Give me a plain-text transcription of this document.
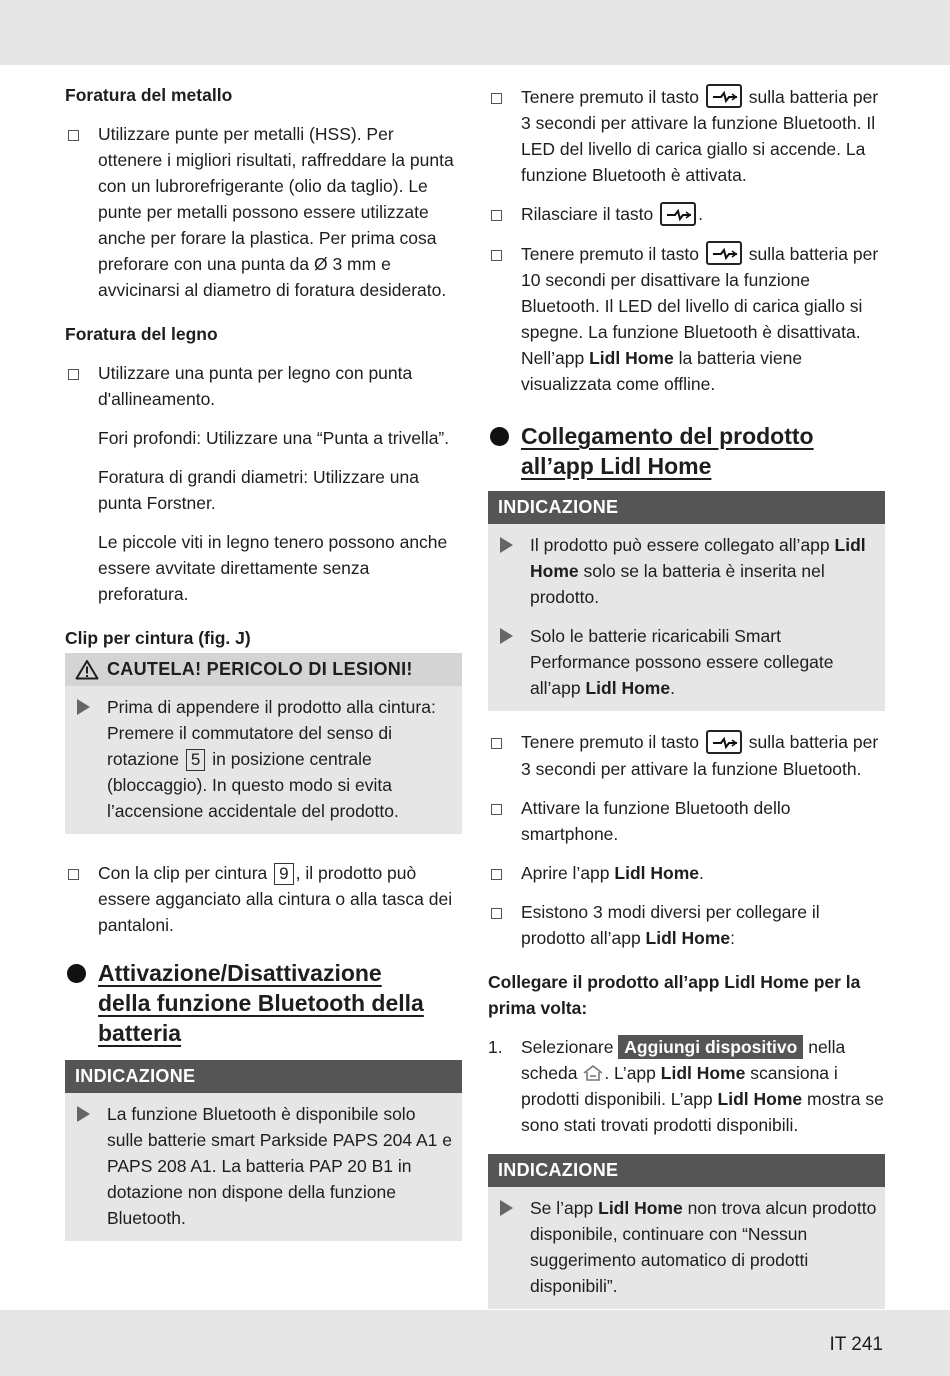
Foratura del metallo
Utilizzare punte per metalli (HSS). Per ottenere i migliori risultati, raffreddare la punta con un lubrorefrigerante (olio da taglio). Le punte per metalli possono essere utilizzate anche per forare la plastica. Per prima cosa preforare con una punta da Ø 3 mm e avvicinarsi al diametro di foratura desiderato.
Foratura del legno
Utilizzare una punta per legno con punta d'allineamento.
Fori profondi: Utilizzare una “Punta a trivella”.
Foratura di grandi diametri: Utilizzare una punta Forstner.
Le piccole viti in legno tenero possono anche essere avvitate direttamente senza preforatura.
Clip per cintura (fig. J)
CAUTELA! PERICOLO DI LESIONI!
Prima di appendere il prodotto alla cintura: Premere il commutatore del senso di rotazione 5 in posizione centrale (bloccaggio). In questo modo si evita l’accensione accidentale del prodotto.
Con la clip per cintura 9 , il prodotto può essere agganciato alla cintura o alla tasca dei pantaloni.
Attivazione/Disattivazione
della funzione Bluetooth della
batteria
INDICAZIONE
La funzione Bluetooth è disponibile solo sulle batterie smart Parkside PAPS 204 A1 e PAPS 208 A1. La batteria PAP 20 B1 in dotazione non dispone della funzione Bluetooth.
Tenere premuto il tasto	sulla batteria per 3 secondi per attivare la funzione Bluetooth. Il LED del livello di carica giallo si accende. La funzione Bluetooth è attivata.
Rilasciare il tasto	.
Tenere premuto il tasto	sulla batteria per 10 secondi per disattivare la funzione Bluetooth. Il LED del livello di carica giallo si spegne. La funzione Bluetooth è disattivata. Nell’app Lidl Home la batteria viene visualizzata come offline.
Collegamento del prodotto
all’app Lidl Home
INDICAZIONE
Il prodotto può essere collegato all’app Lidl Home solo se la batteria è inserita nel prodotto.
Solo le batterie ricaricabili Smart Performance possono essere collegate all’app Lidl Home.
Tenere premuto il tasto	sulla batteria per 3 secondi per attivare la funzione Bluetooth.
Attivare la funzione Bluetooth dello smartphone.
Aprire l’app Lidl Home.
Esistono 3 modi diversi per collegare il prodotto all’app Lidl Home:
Collegare il prodotto all’app Lidl Home per la prima volta:
1. Selezionare Aggiungi dispositivo nella scheda . L’app Lidl Home scansiona i prodotti disponibili. L’app Lidl Home mostra se sono stati trovati prodotti disponibili.
INDICAZIONE
Se l’app Lidl Home non trova alcun prodotto disponibile, continuare con “Nessun suggerimento automatico di prodotti disponibili”.
IT 241
